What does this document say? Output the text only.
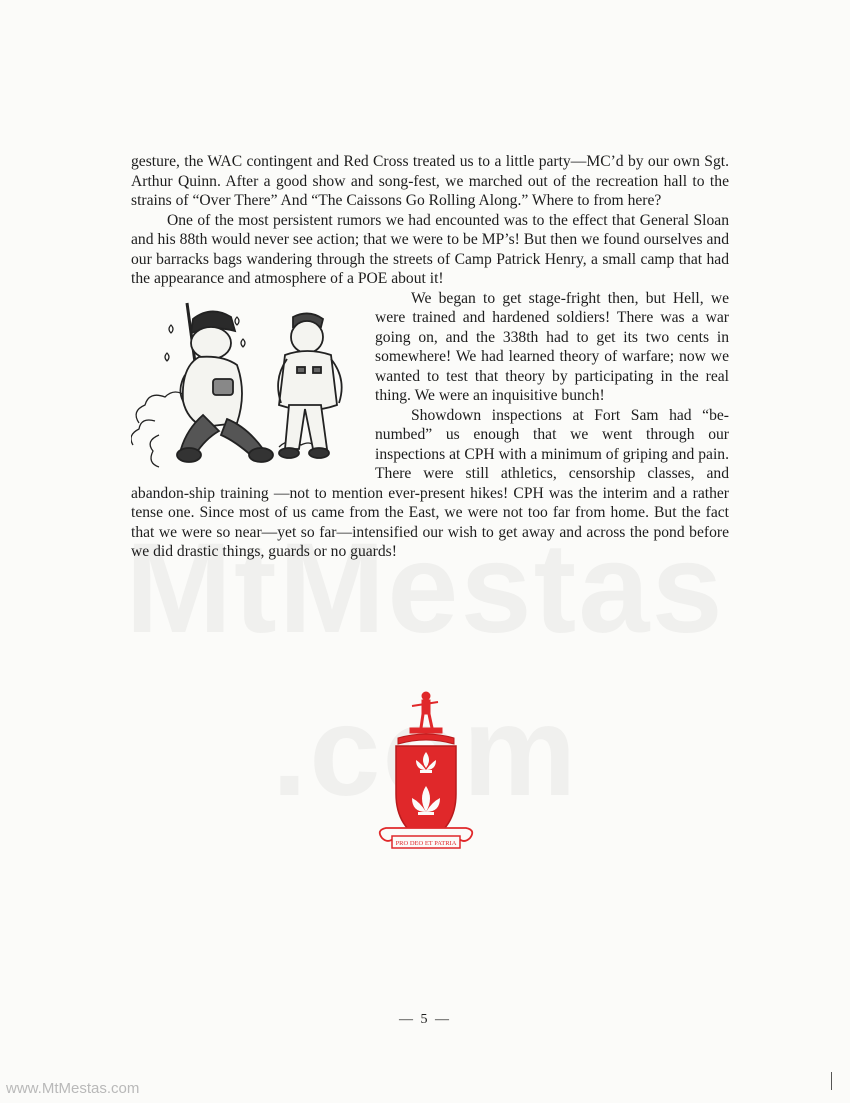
gesture, the WAC contingent and Red Cross treated us to a little party—MC’d by our own Sgt. Arthur Quinn. After a good show and song-fest, we marched out of the recreation hall to the strains of “Over There” And “The Caissons Go Rolling Along.” Where to from here?

One of the most persistent rumors we had encounted was to the effect that General Sloan and his 88th would never see action; that we were to be MP’s! But then we found ourselves and our barracks bags wandering through the streets of Camp Patrick Henry, a small camp that had the appearance and atmosphere of a POE about it!

We began to get stage-fright then, but Hell, we were trained and hardened soldiers! There was a war going on, and the 338th had to get its two cents in somewhere! We had learned theory of warfare; now we wanted to test that theory by participating in the real thing. We were an inquisitive bunch!

Showdown inspections at Fort Sam had “be-numbed” us enough that we went through our inspections at CPH with a minimum of griping and pain. There were still athletics, censorship classes, and abandon-ship training —not to mention ever-present hikes! CPH was the interim and a rather tense one. Since most of us came from the East, we were not too far from home. But the fact that we were so near—yet so far—intensified our wish to get away and across the pond before we did drastic things, guards or no guards!

PRO DEO ET PATRIA
— 5 —
www.MtMestas.com
